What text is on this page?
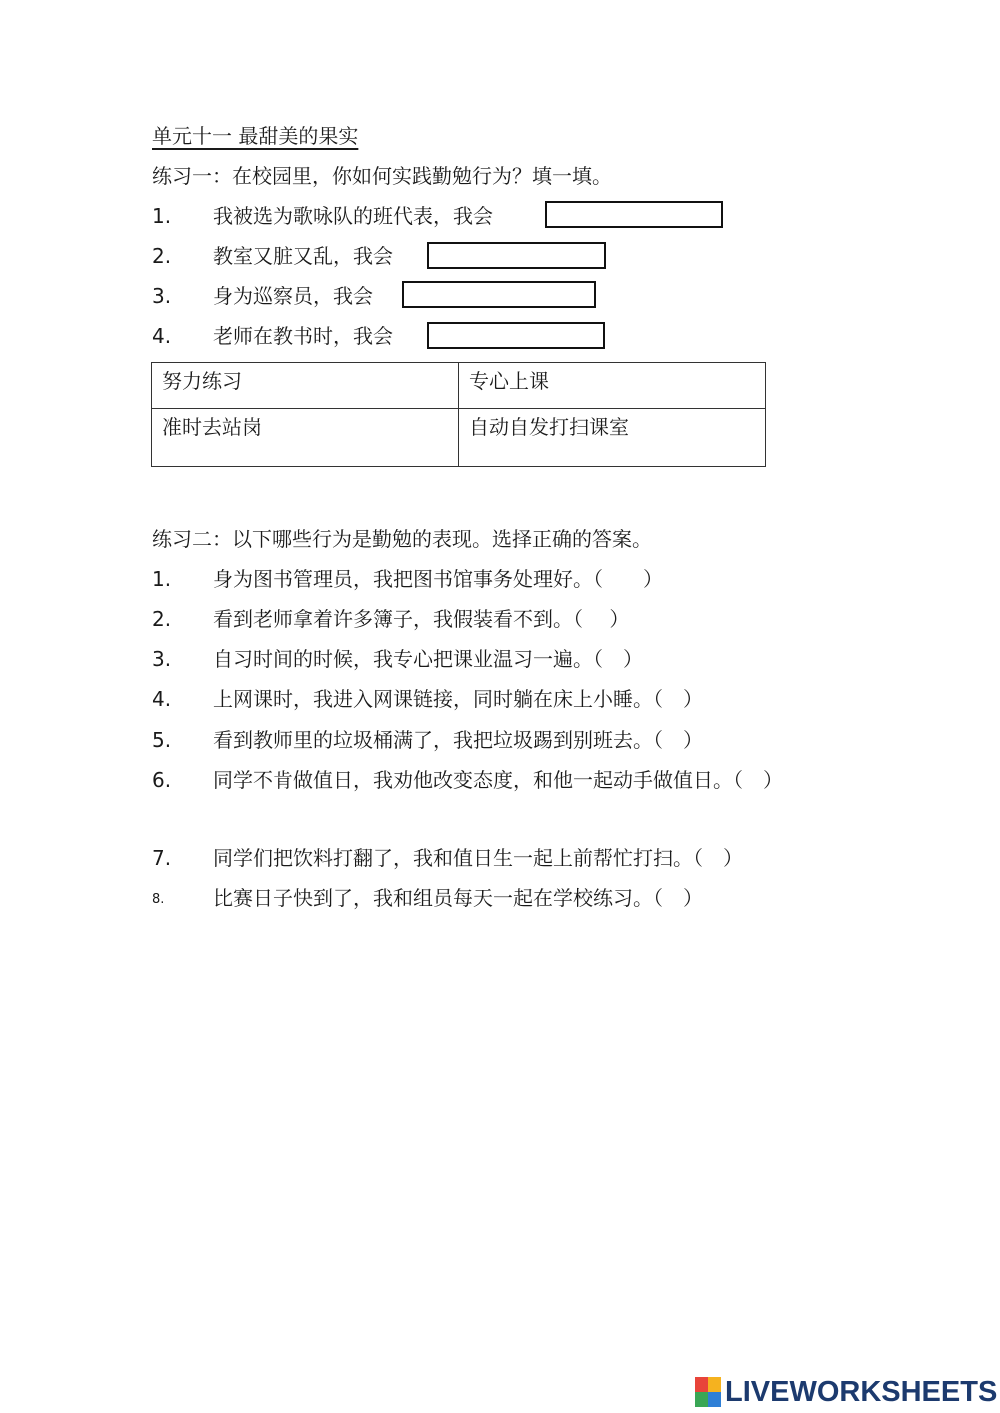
单元十一 最甜美的果实
练习一：在校园里，你如何实践勤勉行为？填一填。
1. 我被选为歌咏队的班代表，我会
2. 教室又脏又乱，我会
3. 身为巡察员，我会
4. 老师在教书时，我会
努力练习	专心上课
准时去站岗	自动自发打扫课室
练习二：以下哪些行为是勤勉的表现。选择正确的答案。
1. 身为图书管理员，我把图书馆事务处理好。（　　）
2. 看到老师拿着许多簿子，我假装看不到。（　 ）
3. 自习时间的时候，我专心把课业温习一遍。（　）
4. 上网课时，我进入网课链接，同时躺在床上小睡。（　）
5. 看到教师里的垃圾桶满了，我把垃圾踢到别班去。（　）
6. 同学不肯做值日，我劝他改变态度，和他一起动手做值日。（　）
7. 同学们把饮料打翻了，我和值日生一起上前帮忙打扫。（　）
8. 比赛日子快到了，我和组员每天一起在学校练习。（　）
LIVEWORKSHEETS
